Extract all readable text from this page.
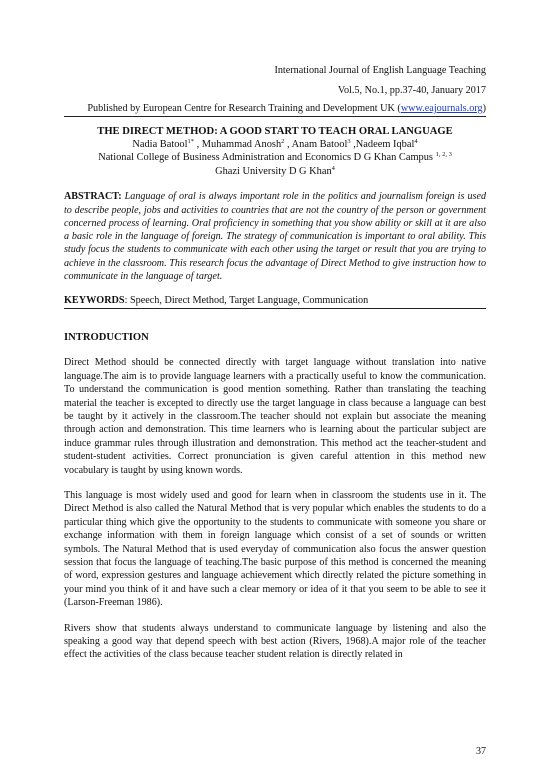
International Journal of English Language Teaching
Vol.5, No.1, pp.37-40, January 2017
Published by European Centre for Research Training and Development UK (www.eajournals.org)
THE DIRECT METHOD: A GOOD START TO TEACH ORAL LANGUAGE
Nadia Batool$^{1*}$ , Muhammad Anosh$^2$ , Anam Batool$^3$ ,Nadeem Iqbal$^4$
National College of Business Administration and Economics D G Khan Campus $^{1, 2, 3}$
Ghazi University D G Khan$^4$
ABSTRACT: Language of oral is always important role in the politics and journalism foreign is used to describe people, jobs and activities to countries that are not the country of the person or government concerned process of learning. Oral proficiency in something that you show ability or skill at it are also a basic role in the language of foreign. The strategy of communication is important to oral ability. This study focus the students to communicate with each other using the target or result that you are trying to achieve in the classroom. This research focus the advantage of Direct Method to give instruction how to communicate in the language of target.
KEYWORDS: Speech, Direct Method, Target Language, Communication
INTRODUCTION

Direct Method should be connected directly with target language without translation into native language.The aim is to provide language learners with a practically useful to know the communication. To understand the communication is good mention something. Rather than translating the teaching material the teacher is excepted to directly use the target language in class because a language can best be taught by it actively in the classroom.The teacher should not explain but associate the meaning through action and demonstration. This time learners who is learning about the particular subject are induce grammar rules through illustration and demonstration. This method act the teacher-student and student-student activities. Correct pronunciation is given careful attention in this method new vocabulary is taught by using known words.

This language is most widely used and good for learn when in classroom the students use in it. The Direct Method is also called the Natural Method that is very popular which enables the students to do a particular thing which give the opportunity to the students to communicate with someone you share or exchange information with them in foreign language which consist of a set of sounds or written symbols. The Natural Method that is used everyday of communication also focus the answer question session that focus the language of teaching.The basic purpose of this method is concerned the meaning of word, expression gestures and language achievement which directly related the picture something in your mind you think of it and have such a clear memory or idea of it that you seem to be able to see it (Larson-Freeman 1986).

Rivers show that students always understand to communicate language by listening and also the speaking a good way that depend speech with best action (Rivers, 1968).A major role of the teacher effect the activities of the class because teacher student relation is directly related in

37
